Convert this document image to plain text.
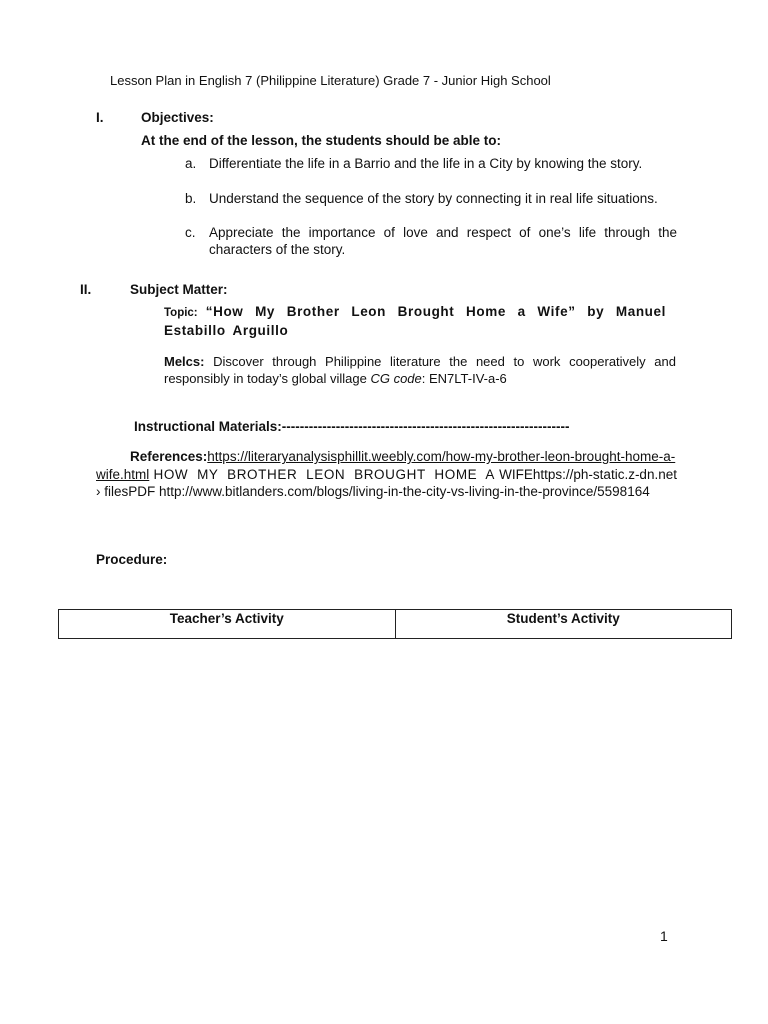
Lesson Plan in English 7 (Philippine Literature) Grade 7 - Junior High School
I.	Objectives:
At the end of the lesson, the students should be able to:
a. Differentiate the life in a Barrio and the life in a City by knowing the story.
b. Understand the sequence of the story by connecting it in real life situations.
c. Appreciate the importance of love and respect of one’s life through the characters of the story.
II.	Subject Matter:
Topic: “How My Brother Leon Brought Home a Wife” by Manuel Estabillo Arguillo
Melcs: Discover through Philippine literature the need to work cooperatively and responsibly in today’s global village CG code: EN7LT-IV-a-6
Instructional Materials:----------------------------------------------------------------
References:https://literaryanalysisphillit.weebly.com/how-my-brother-leon-brought-home-a-wife.html HOW MY BROTHER LEON BROUGHT HOME A WIFEhttps://ph-static.z-dn.net › filesPDF http://www.bitlanders.com/blogs/living-in-the-city-vs-living-in-the-province/5598164
Procedure:
Teacher’s Activity	Student’s Activity
1
